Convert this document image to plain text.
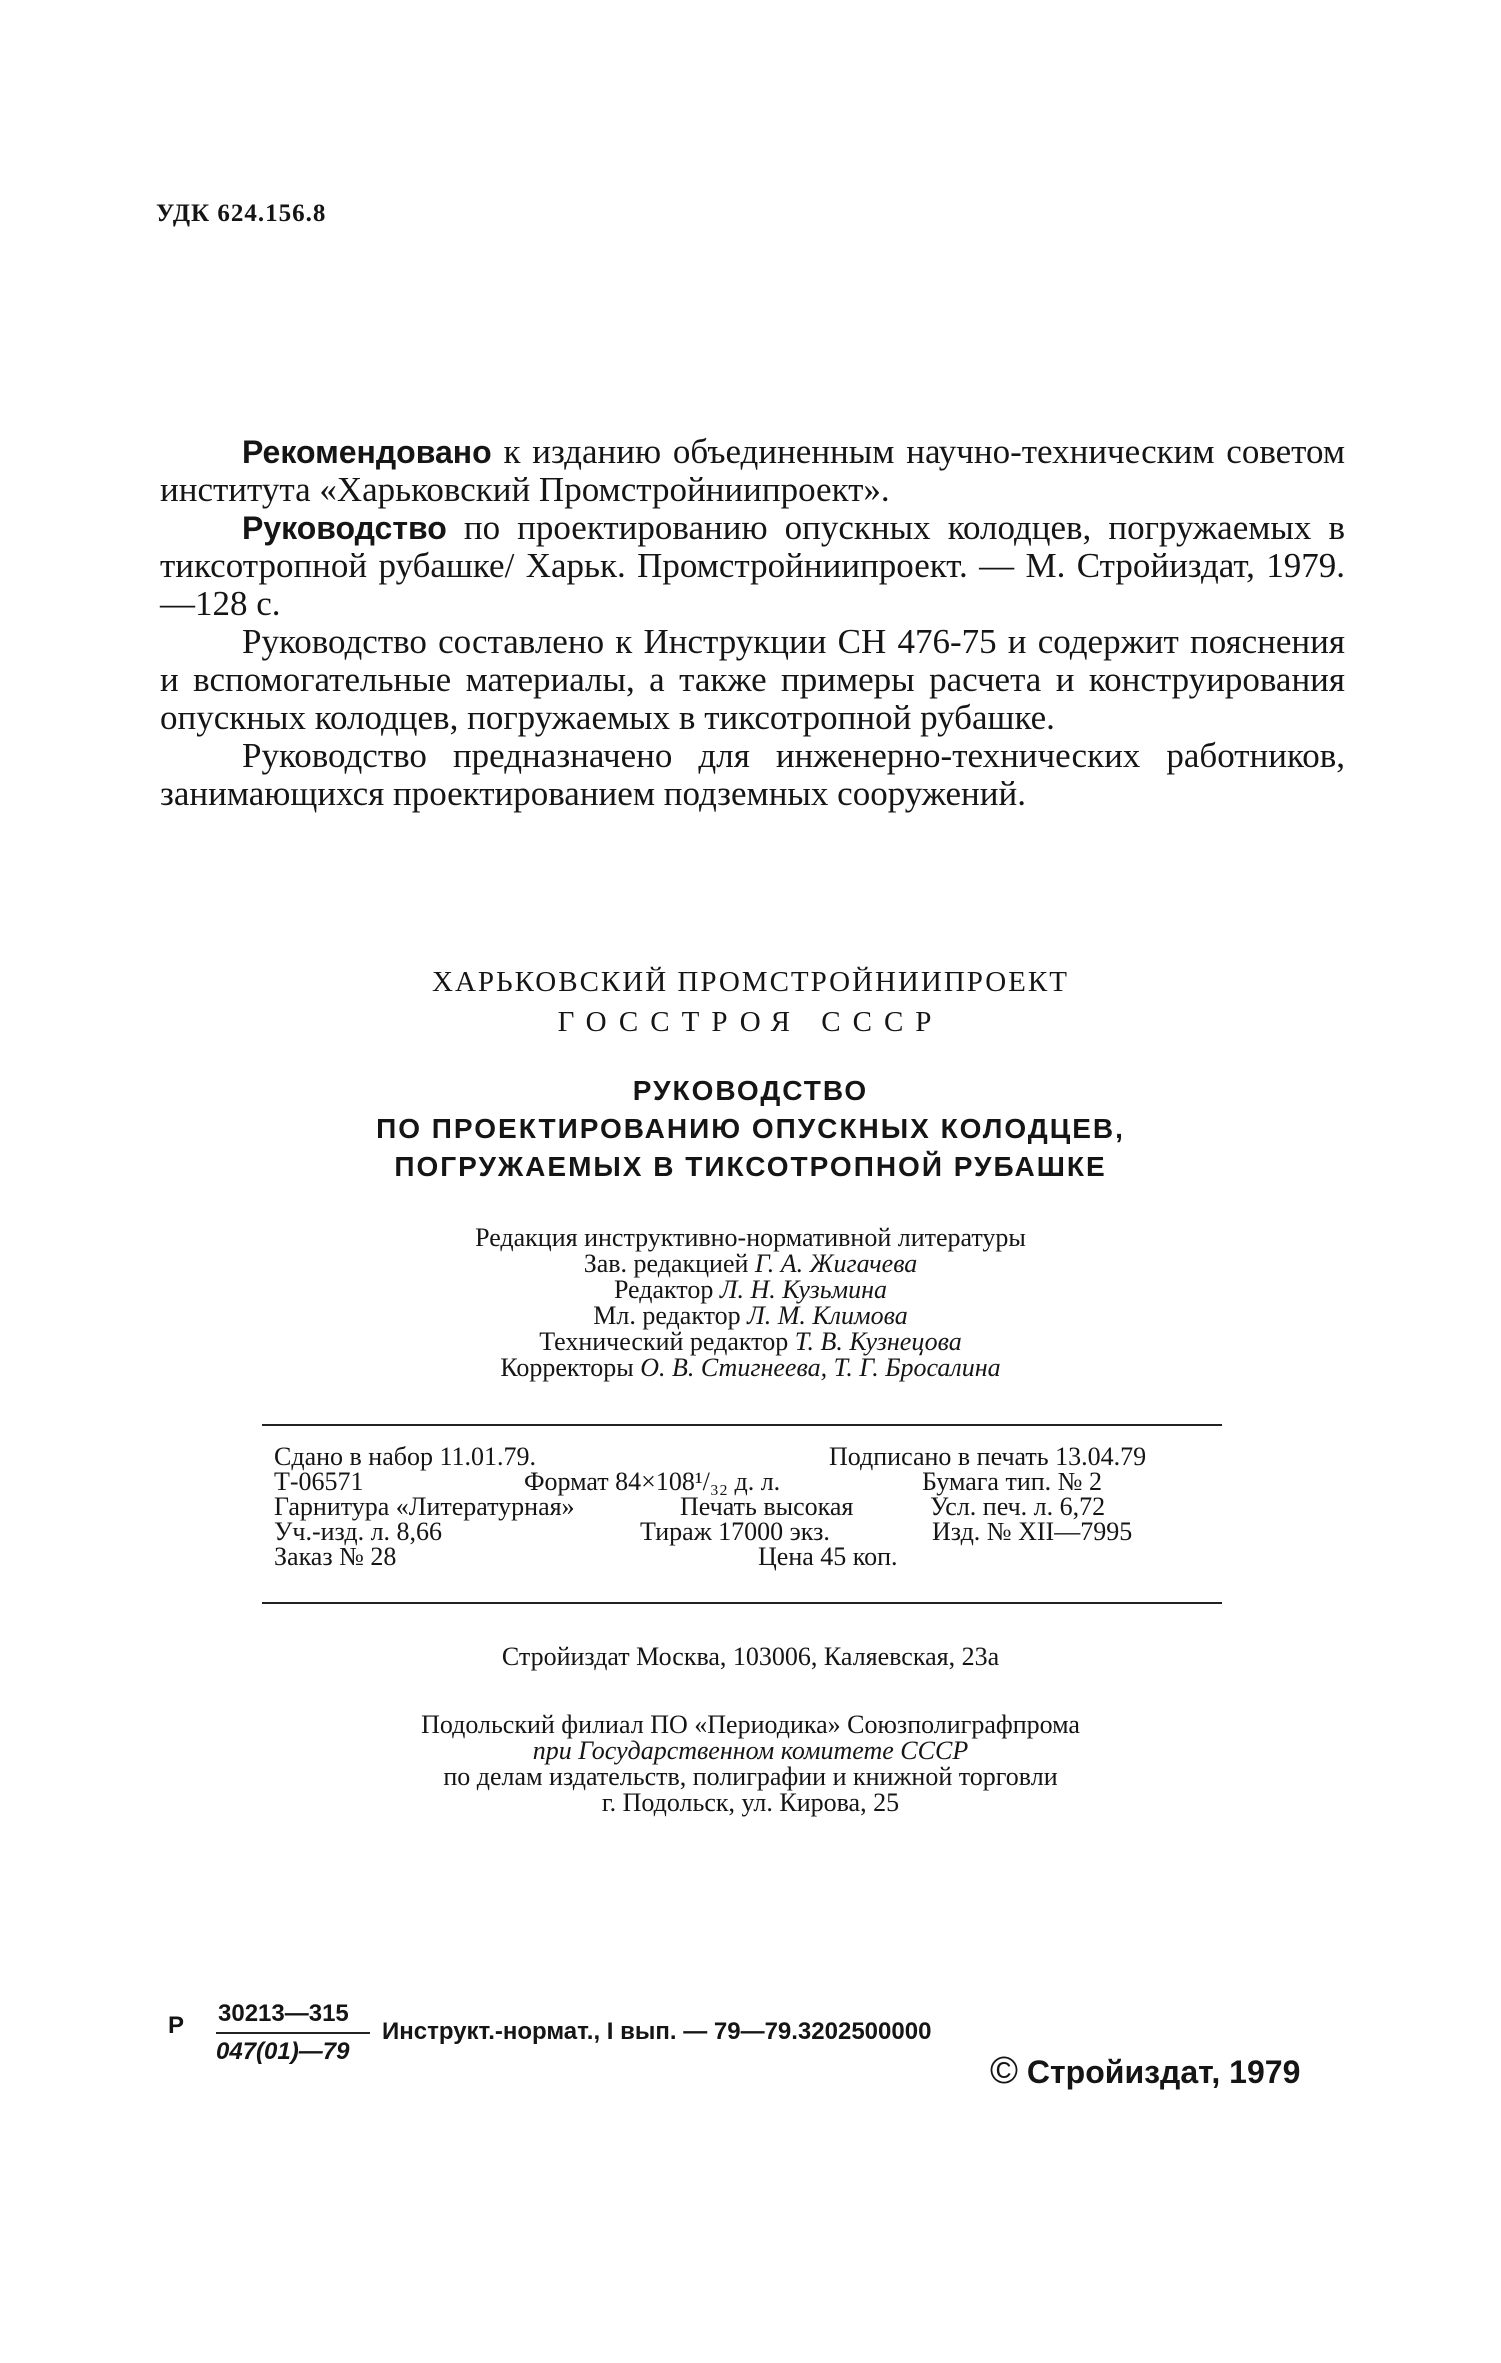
УДК 624.156.8

Рекомендовано к изданию объединенным научно-техническим советом института «Харьковский Промстройниипроект».

Руководство по проектированию опускных колодцев, погружаемых в тиксотропной рубашке/ Харьк. Промстройниипроект. — М. Стройиздат, 1979.—128 с.

Руководство составлено к Инструкции СН 476-75 и содержит пояснения и вспомогательные материалы, а также примеры расчета и конструирования опускных колодцев, погружаемых в тиксотропной рубашке.

Руководство предназначено для инженерно-технических работников, занимающихся проектированием подземных сооружений.

ХАРЬКОВСКИЙ ПРОМСТРОЙНИИПРОЕКТ
ГОССТРОЯ СССР
РУКОВОДСТВО
ПО ПРОЕКТИРОВАНИЮ ОПУСКНЫХ КОЛОДЦЕВ,
ПОГРУЖАЕМЫХ В ТИКСОТРОПНОЙ РУБАШКЕ
Редакция инструктивно-нормативной литературы
Зав. редакцией Г. А. Жигачева
Редактор Л. Н. Кузьмина
Мл. редактор Л. М. Климова
Технический редактор Т. В. Кузнецова
Корректоры О. В. Стигнеева, Т. Г. Бросалина
Сдано в набор 11.01.79.	Подписано в печать 13.04.79
Т-06571	Формат 84×108¹/₃₂ д. л.	Бумага тип. № 2
Гарнитура «Литературная»	Печать высокая	Усл. печ. л. 6,72
Уч.-изд. л. 8,66	Тираж 17000 экз.	Изд. № XII—7995
Заказ № 28	Цена 45 коп.
Стройиздат Москва, 103006, Каляевская, 23а
Подольский филиал ПО «Периодика» Союзполиграфпрома
при Государственном комитете СССР
по делам издательств, полиграфии и книжной торговли
г. Подольск, ул. Кирова, 25
Р 30213—315
047(01)—79
Инструкт.-нормат., I вып. — 79—79.3202500000
© Стройиздат, 1979
